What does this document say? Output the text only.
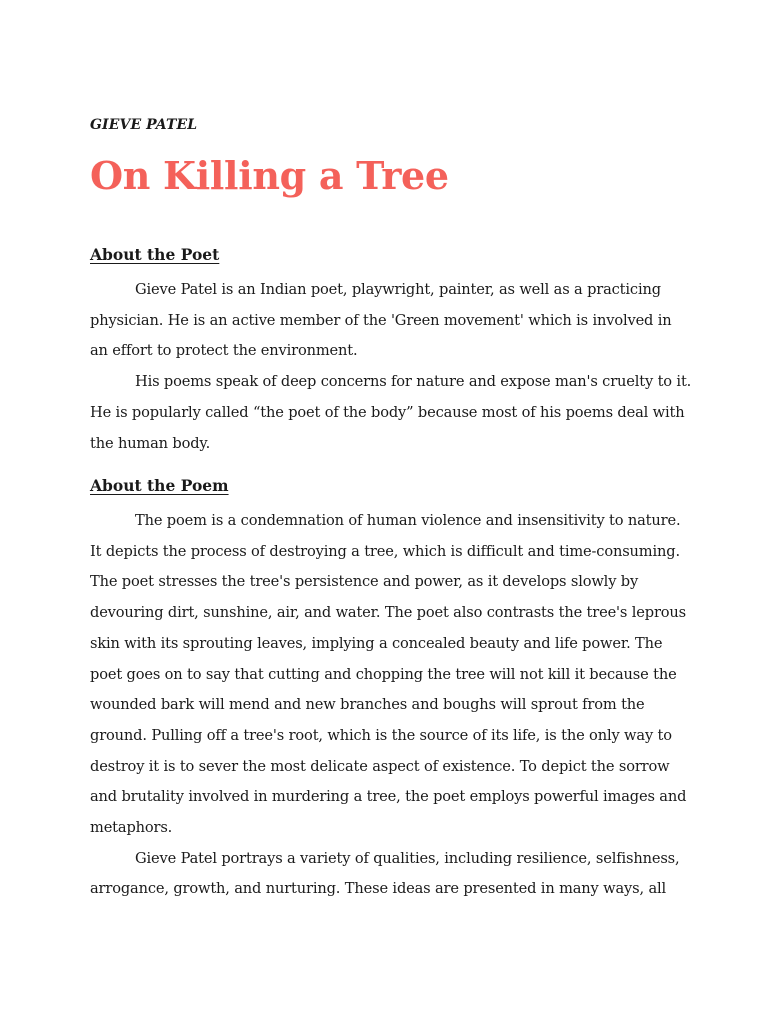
GIEVE PATEL
On Killing a Tree
About the Poet

Gieve Patel is an Indian poet, playwright, painter, as well as a practicing
physician. He is an active member of the 'Green movement' which is involved in
an effort to protect the environment.

His poems speak of deep concerns for nature and expose man's cruelty to it.
He is popularly called “the poet of the body” because most of his poems deal with
the human body.

About the Poem

The poem is a condemnation of human violence and insensitivity to nature.
It depicts the process of destroying a tree, which is difficult and time-consuming.
The poet stresses the tree's persistence and power, as it develops slowly by
devouring dirt, sunshine, air, and water. The poet also contrasts the tree's leprous
skin with its sprouting leaves, implying a concealed beauty and life power. The
poet goes on to say that cutting and chopping the tree will not kill it because the
wounded bark will mend and new branches and boughs will sprout from the
ground. Pulling off a tree's root, which is the source of its life, is the only way to
destroy it is to sever the most delicate aspect of existence. To depict the sorrow
and brutality involved in murdering a tree, the poet employs powerful images and
metaphors.

Gieve Patel portrays a variety of qualities, including resilience, selfishness,
arrogance, growth, and nurturing. These ideas are presented in many ways, all
